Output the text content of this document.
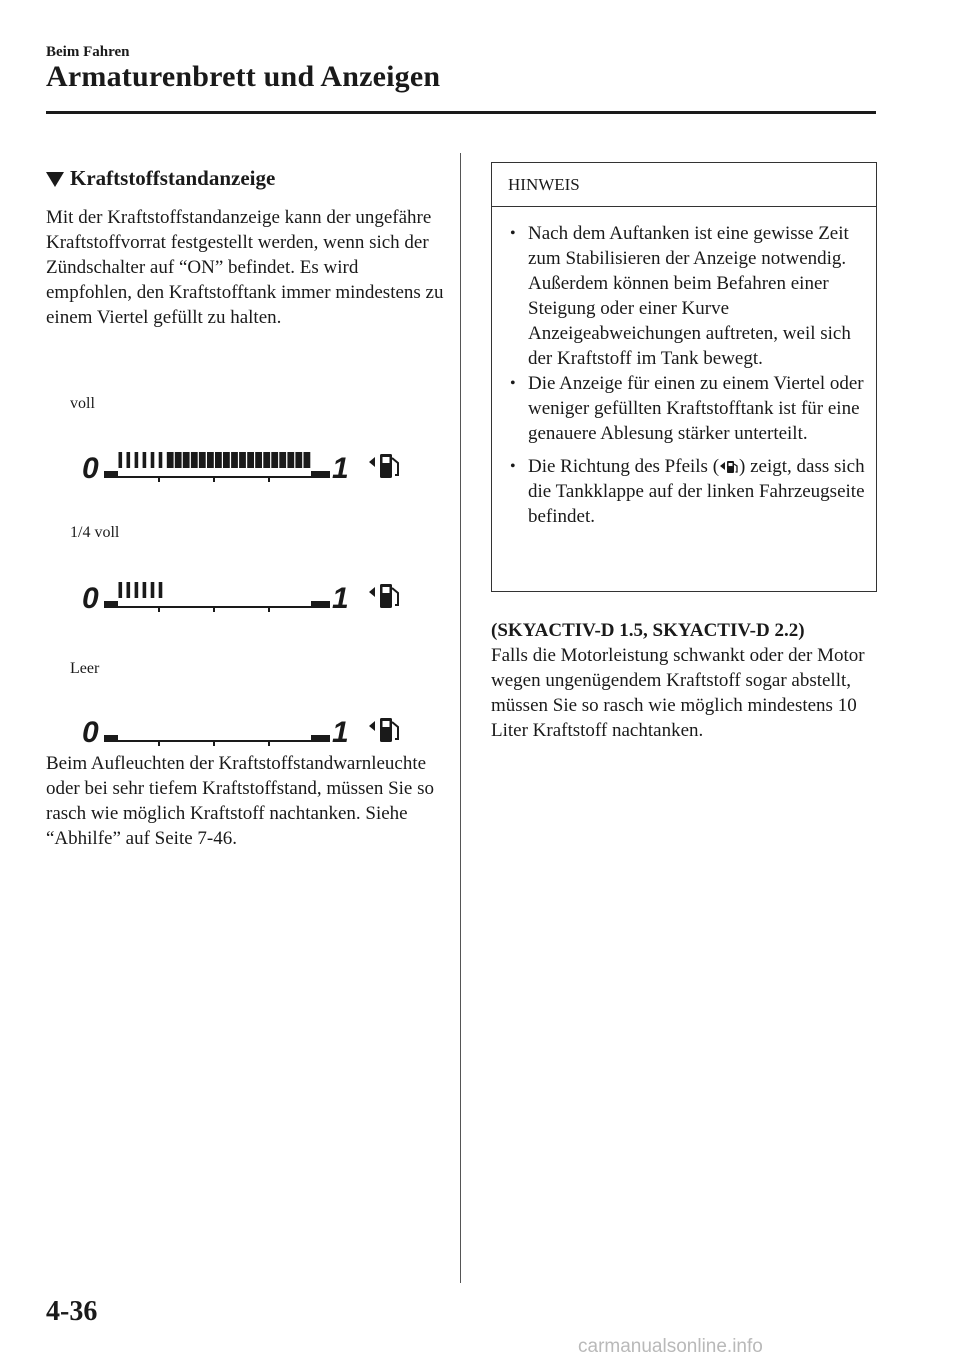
Beim Fahren
Armaturenbrett und Anzeigen
Kraftstoffstandanzeige

Mit der Kraftstoffstandanzeige kann der ungefähre Kraftstoffvorrat festgestellt werden, wenn sich der Zündschalter auf “ON” befindet. Es wird empfohlen, den Kraftstofftank immer mindestens zu einem Viertel gefüllt zu halten.

voll
0	1
1/4 voll
0	1
Leer
0	1

Beim Aufleuchten der Kraftstoffstandwarnleuchte oder bei sehr tiefem Kraftstoffstand, müssen Sie so rasch wie möglich Kraftstoff nachtanken. Siehe “Abhilfe” auf Seite 7-46.

HINWEIS
• Nach dem Auftanken ist eine gewisse Zeit zum Stabilisieren der Anzeige notwendig. Außerdem können beim Befahren einer Steigung oder einer Kurve Anzeigeabweichungen auftreten, weil sich der Kraftstoff im Tank bewegt.
• Die Anzeige für einen zu einem Viertel oder weniger gefüllten Kraftstofftank ist für eine genauere Ablesung stärker unterteilt.
• Die Richtung des Pfeils ( ) zeigt, dass sich die Tankklappe auf der linken Fahrzeugseite befindet.

(SKYACTIV-D 1.5, SKYACTIV-D 2.2)

Falls die Motorleistung schwankt oder der Motor wegen ungenügendem Kraftstoff sogar abstellt, müssen Sie so rasch wie möglich mindestens 10 Liter Kraftstoff nachtanken.

4-36
carmanualsonline.info
